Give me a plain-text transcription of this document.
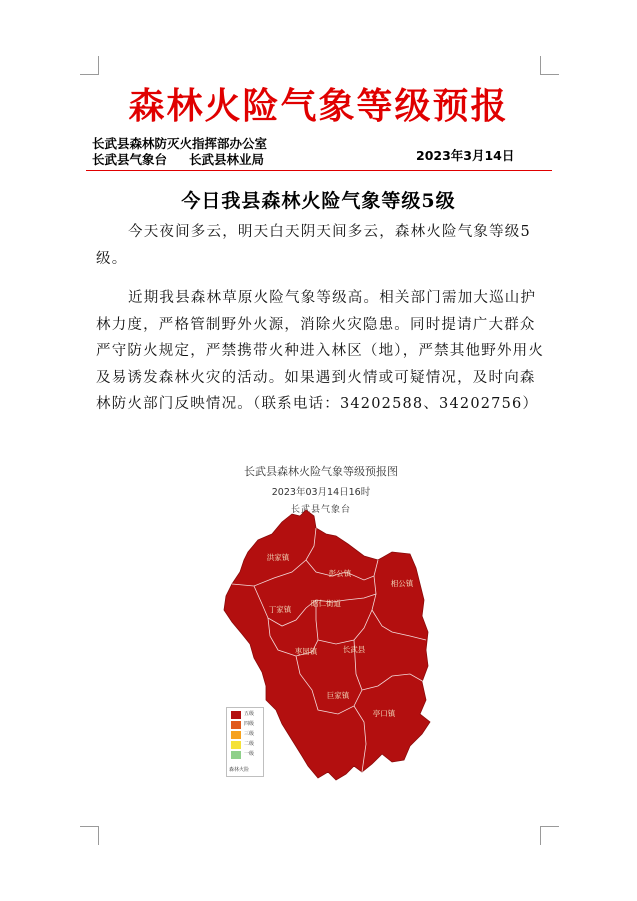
森林火险气象等级预报
长武县森林防灭火指挥部办公室
长武县气象台 长武县林业局	2023年3月14日
今日我县森林火险气象等级5级
今天夜间多云，明天白天阴天间多云，森林火险气象等级5级。
近期我县森林草原火险气象等级高。相关部门需加大巡山护林力度，严格管制野外火源，消除火灾隐患。同时提请广大群众严守防火规定，严禁携带火种进入林区（地），严禁其他野外用火及易诱发森林火灾的活动。如果遇到火情或可疑情况，及时向森林防火部门反映情况。（联系电话：34202588、34202756）
长武县森林火险气象等级预报图
2023年03月14日16时
长武县气象台
洪家镇
彭公镇
相公镇
丁家镇
昭仁街道
枣园镇	长武县
巨家镇
亭口镇
五级
四级
三级
二级
一级
森林火险
